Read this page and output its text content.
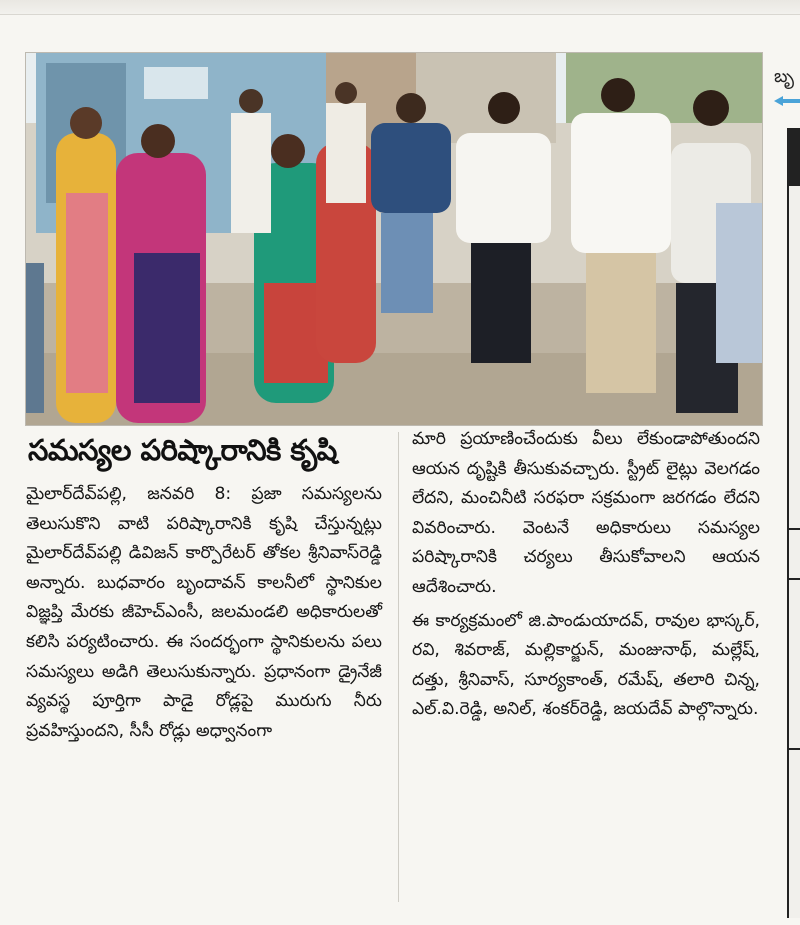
బృ
సమస్యల పరిష్కారానికి కృషి

మైలార్‌దేవ్‌పల్లి, జనవరి 8: ప్రజా సమస్యలను తెలుసుకొని వాటి పరిష్కారానికి కృషి చేస్తున్నట్లు మైలార్‌దేవ్‌పల్లి డివిజన్ కార్పొరేటర్ తోకల శ్రీనివాస్‌రెడ్డి అన్నారు. బుధవారం బృందావన్ కాలనీలో స్థానికుల విజ్ఞప్తి మేరకు జీహెచ్ఎంసీ, జలమండలి అధికారులతో కలిసి పర్యటించారు. ఈ సందర్భంగా స్థానికులను పలు సమస్యలు అడిగి తెలుసుకున్నారు. ప్రధానంగా డ్రైనేజీ వ్యవస్థ పూర్తిగా పాడై రోడ్లపై మురుగు నీరు ప్రవహిస్తుందని, సీసీ రోడ్లు అధ్వానంగా

మారి ప్రయాణించేందుకు వీలు లేకుండాపోతుందని ఆయన దృష్టికి తీసుకువచ్చారు. స్ట్రీట్ లైట్లు వెలగడం లేదని, మంచినీటి సరఫరా సక్రమంగా జరగడం లేదని వివరించారు. వెంటనే అధికారులు సమస్యల పరిష్కారానికి చర్యలు తీసుకోవాలని ఆయన ఆదేశించారు.

ఈ కార్యక్రమంలో జి.పాండుయాదవ్, రావుల భాస్కర్, రవి, శివరాజ్, మల్లికార్జున్, మంజునాథ్, మల్లేష్, దత్తు, శ్రీనివాస్, సూర్యకాంత్, రమేష్, తలారి చిన్న, ఎల్.వి.రెడ్డి, అనిల్, శంకర్‌రెడ్డి, జయదేవ్ పాల్గొన్నారు.
